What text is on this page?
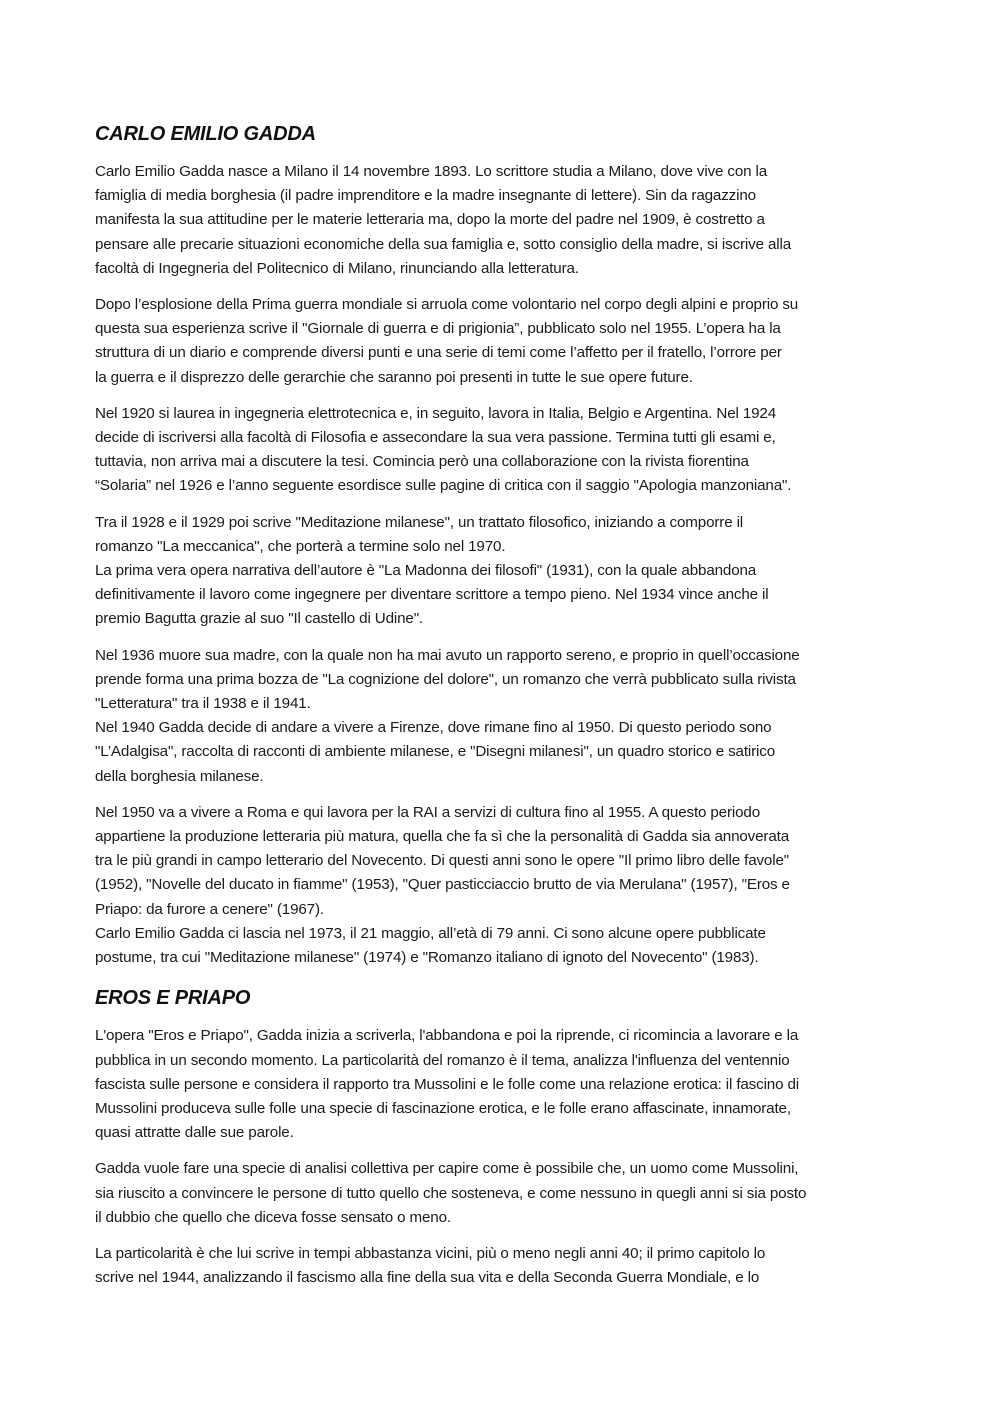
CARLO EMILIO GADDA

Carlo Emilio Gadda nasce a Milano il 14 novembre 1893. Lo scrittore studia a Milano, dove vive con la
famiglia di media borghesia (il padre imprenditore e la madre insegnante di lettere). Sin da ragazzino
manifesta la sua attitudine per le materie letteraria ma, dopo la morte del padre nel 1909, è costretto a
pensare alle precarie situazioni economiche della sua famiglia e, sotto consiglio della madre, si iscrive alla
facoltà di Ingegneria del Politecnico di Milano, rinunciando alla letteratura.

Dopo l’esplosione della Prima guerra mondiale si arruola come volontario nel corpo degli alpini e proprio su
questa sua esperienza scrive il "Giornale di guerra e di prigionia”, pubblicato solo nel 1955. L’opera ha la
struttura di un diario e comprende diversi punti e una serie di temi come l’affetto per il fratello, l’orrore per
la guerra e il disprezzo delle gerarchie che saranno poi presenti in tutte le sue opere future.

Nel 1920 si laurea in ingegneria elettrotecnica e, in seguito, lavora in Italia, Belgio e Argentina. Nel 1924
decide di iscriversi alla facoltà di Filosofia e assecondare la sua vera passione. Termina tutti gli esami e,
tuttavia, non arriva mai a discutere la tesi. Comincia però una collaborazione con la rivista fiorentina
“Solaria” nel 1926 e l’anno seguente esordisce sulle pagine di critica con il saggio "Apologia manzoniana".

Tra il 1928 e il 1929 poi scrive "Meditazione milanese", un trattato filosofico, iniziando a comporre il
romanzo "La meccanica", che porterà a termine solo nel 1970.
La prima vera opera narrativa dell’autore è "La Madonna dei filosofi" (1931), con la quale abbandona
definitivamente il lavoro come ingegnere per diventare scrittore a tempo pieno. Nel 1934 vince anche il
premio Bagutta grazie al suo "Il castello di Udine".

Nel 1936 muore sua madre, con la quale non ha mai avuto un rapporto sereno, e proprio in quell’occasione
prende forma una prima bozza de "La cognizione del dolore", un romanzo che verrà pubblicato sulla rivista
"Letteratura" tra il 1938 e il 1941.
Nel 1940 Gadda decide di andare a vivere a Firenze, dove rimane fino al 1950. Di questo periodo sono
"L’Adalgisa", raccolta di racconti di ambiente milanese, e "Disegni milanesi", un quadro storico e satirico
della borghesia milanese.

Nel 1950 va a vivere a Roma e qui lavora per la RAI a servizi di cultura fino al 1955. A questo periodo
appartiene la produzione letteraria più matura, quella che fa sì che la personalità di Gadda sia annoverata
tra le più grandi in campo letterario del Novecento. Di questi anni sono le opere "Il primo libro delle favole"
(1952), "Novelle del ducato in fiamme" (1953), "Quer pasticciaccio brutto de via Merulana" (1957), "Eros e
Priapo: da furore a cenere" (1967).
Carlo Emilio Gadda ci lascia nel 1973, il 21 maggio, all’età di 79 anni. Ci sono alcune opere pubblicate
postume, tra cui "Meditazione milanese" (1974) e "Romanzo italiano di ignoto del Novecento" (1983).

EROS E PRIAPO

L'opera "Eros e Priapo", Gadda inizia a scriverla, l'abbandona e poi la riprende, ci ricomincia a lavorare e la
pubblica in un secondo momento. La particolarità del romanzo è il tema, analizza l'influenza del ventennio
fascista sulle persone e considera il rapporto tra Mussolini e le folle come una relazione erotica: il fascino di
Mussolini produceva sulle folle una specie di fascinazione erotica, e le folle erano affascinate, innamorate,
quasi attratte dalle sue parole.

Gadda vuole fare una specie di analisi collettiva per capire come è possibile che, un uomo come Mussolini,
sia riuscito a convincere le persone di tutto quello che sosteneva, e come nessuno in quegli anni si sia posto
il dubbio che quello che diceva fosse sensato o meno.

La particolarità è che lui scrive in tempi abbastanza vicini, più o meno negli anni 40; il primo capitolo lo
scrive nel 1944, analizzando il fascismo alla fine della sua vita e della Seconda Guerra Mondiale, e lo
